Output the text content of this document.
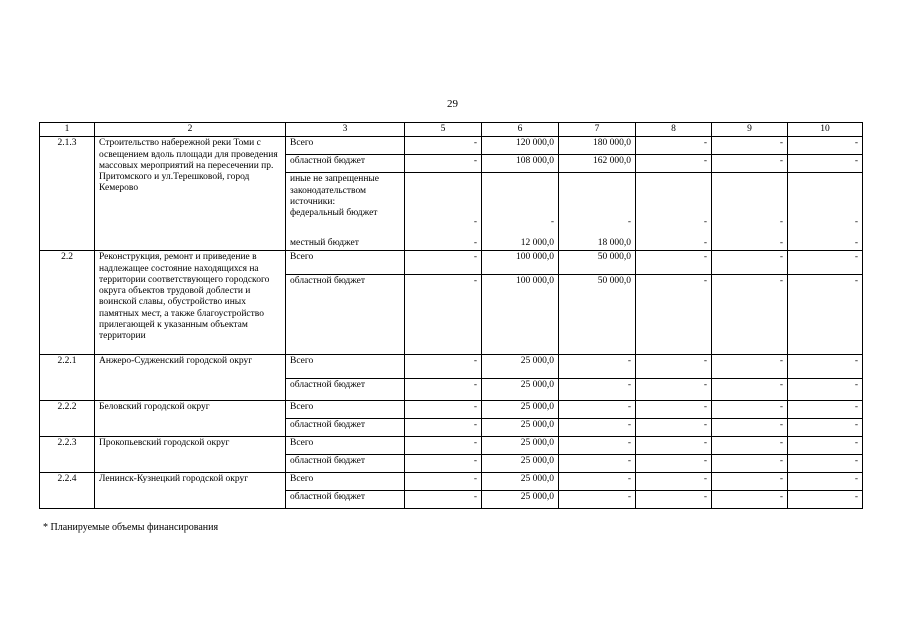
29
1	2	3	5	6	7	8	9	10
2.1.3	Строительство набережной реки Томи с освещением вдоль площади для проведения массовых мероприятий на пересечении пр. Притомского и ул.Терешковой, город Кемерово	Всего	-	120 000,0	180 000,0	-	-	-
		областной бюджет	-	108 000,0	162 000,0	-	-	-

		иные не запрещенные
законодательством
источники:
федеральный бюджет	-	-	-	-	-	-
		местный бюджет	-	12 000,0	18 000,0	-	-	-
2.2	Реконструкция, ремонт и приведение в надлежащее состояние находящихся на территории соответствующего городского округа объектов трудовой доблести и воинской славы, обустройство иных памятных мест, а также благоустройство прилегающей к указанным объектам территории	Всего	-	100 000,0	50 000,0	-	-	-
		областной бюджет	-	100 000,0	50 000,0	-	-	-
2.2.1	Анжеро-Судженский городской округ	Всего	-	25 000,0	-	-	-	-
		областной бюджет	-	25 000,0	-	-	-	-
2.2.2	Беловский городской округ	Всего	-	25 000,0	-	-	-	-
		областной бюджет	-	25 000,0	-	-	-	-
2.2.3	Прокопьевский городской округ	Всего	-	25 000,0	-	-	-	-
		областной бюджет	-	25 000,0	-	-	-	-
2.2.4	Ленинск-Кузнецкий городской округ	Всего	-	25 000,0	-	-	-	-
		областной бюджет	-	25 000,0	-	-	-	-
* Планируемые объемы финансирования
